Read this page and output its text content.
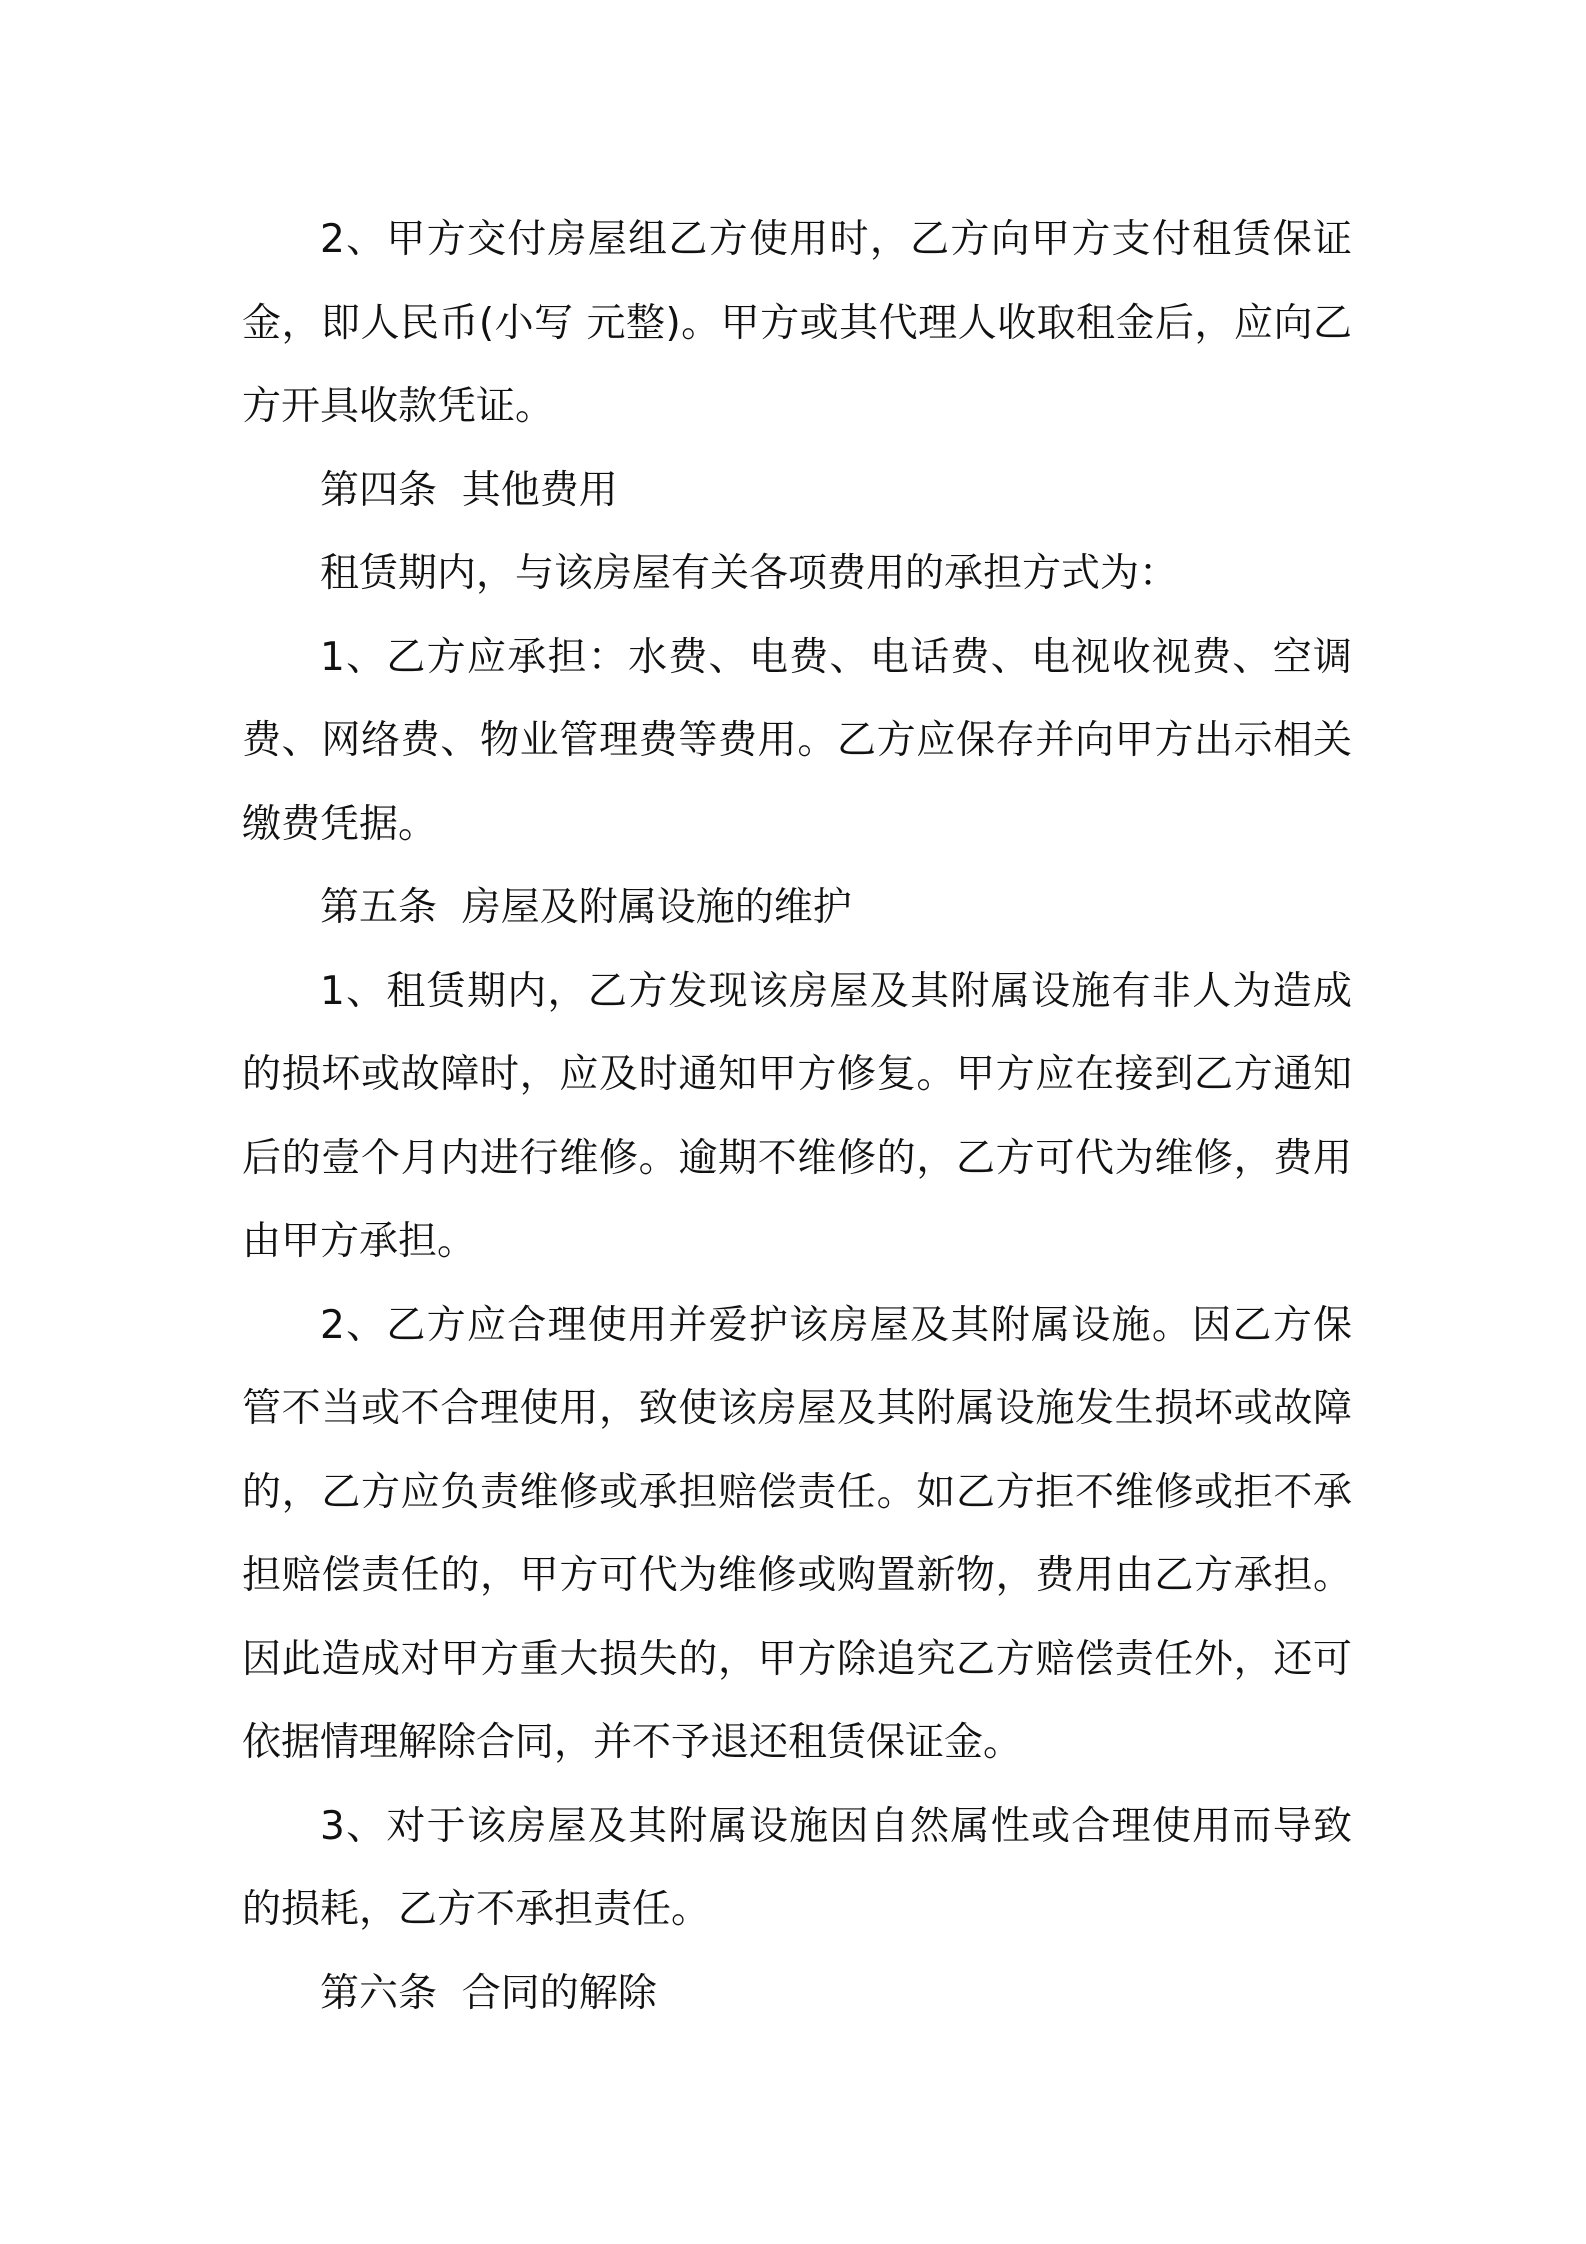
2、甲方交付房屋组乙方使用时，乙方向甲方支付租赁保证金，即人民币(小写 元整)。甲方或其代理人收取租金后，应向乙方开具收款凭证。

第四条  其他费用

租赁期内，与该房屋有关各项费用的承担方式为：

1、乙方应承担：水费、电费、电话费、电视收视费、空调费、网络费、物业管理费等费用。乙方应保存并向甲方出示相关缴费凭据。

第五条  房屋及附属设施的维护

1、租赁期内，乙方发现该房屋及其附属设施有非人为造成的损坏或故障时，应及时通知甲方修复。甲方应在接到乙方通知后的壹个月内进行维修。逾期不维修的，乙方可代为维修，费用由甲方承担。

2、乙方应合理使用并爱护该房屋及其附属设施。因乙方保管不当或不合理使用，致使该房屋及其附属设施发生损坏或故障的，乙方应负责维修或承担赔偿责任。如乙方拒不维修或拒不承担赔偿责任的，甲方可代为维修或购置新物，费用由乙方承担。因此造成对甲方重大损失的，甲方除追究乙方赔偿责任外，还可依据情理解除合同，并不予退还租赁保证金。

3、对于该房屋及其附属设施因自然属性或合理使用而导致的损耗，乙方不承担责任。

第六条  合同的解除
